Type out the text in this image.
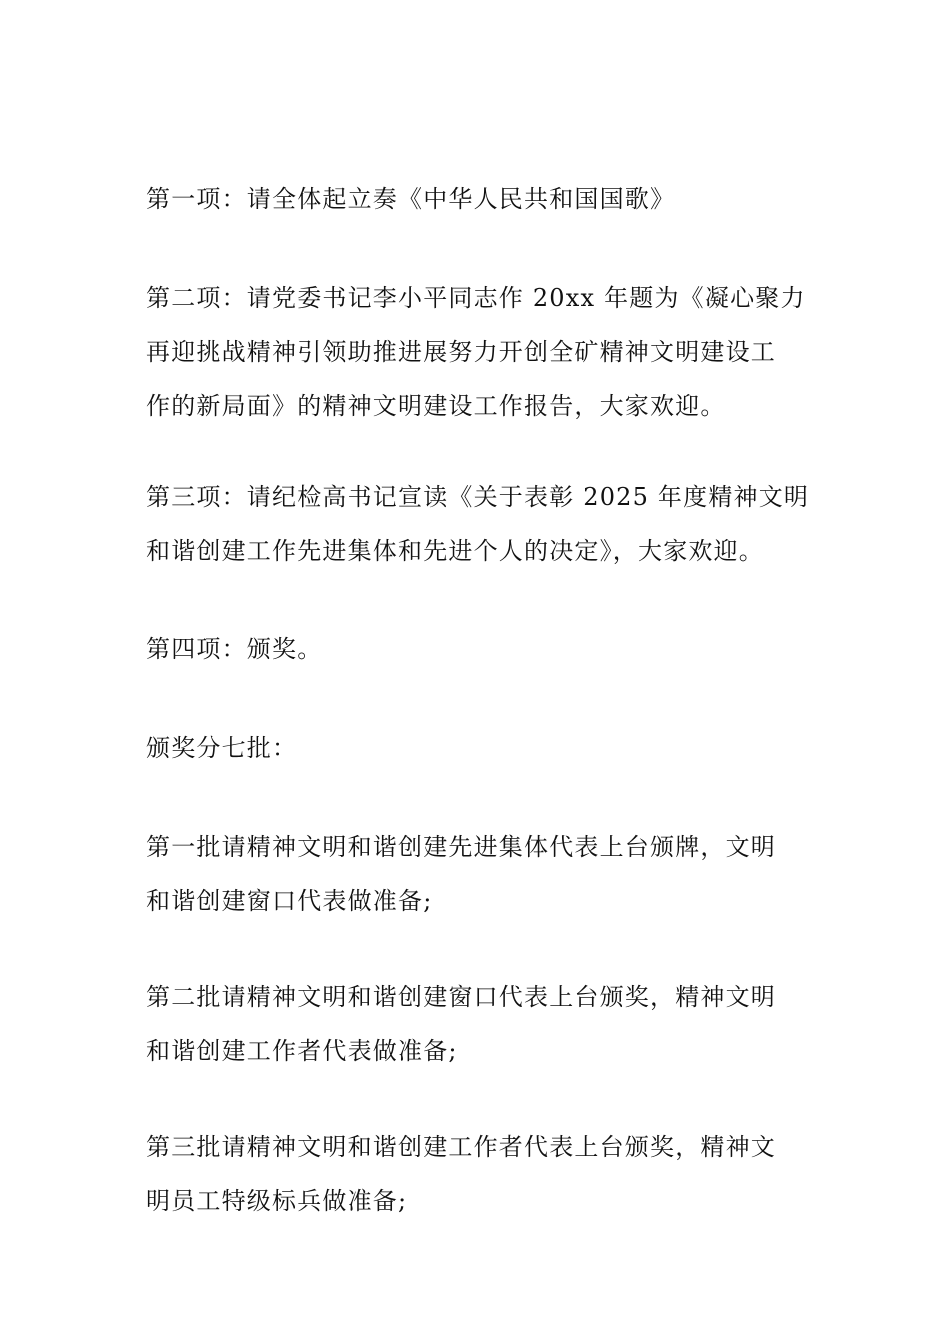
第一项：请全体起立奏《中华人民共和国国歌》

第二项：请党委书记李小平同志作 20xx 年题为《凝心聚力
再迎挑战精神引领助推进展努力开创全矿精神文明建设工
作的新局面》的精神文明建设工作报告，大家欢迎。

第三项：请纪检高书记宣读《关于表彰 2025 年度精神文明
和谐创建工作先进集体和先进个人的决定》，大家欢迎。

第四项：颁奖。

颁奖分七批：

第一批请精神文明和谐创建先进集体代表上台颁牌，文明
和谐创建窗口代表做准备;

第二批请精神文明和谐创建窗口代表上台颁奖，精神文明
和谐创建工作者代表做准备;

第三批请精神文明和谐创建工作者代表上台颁奖，精神文
明员工特级标兵做准备;
